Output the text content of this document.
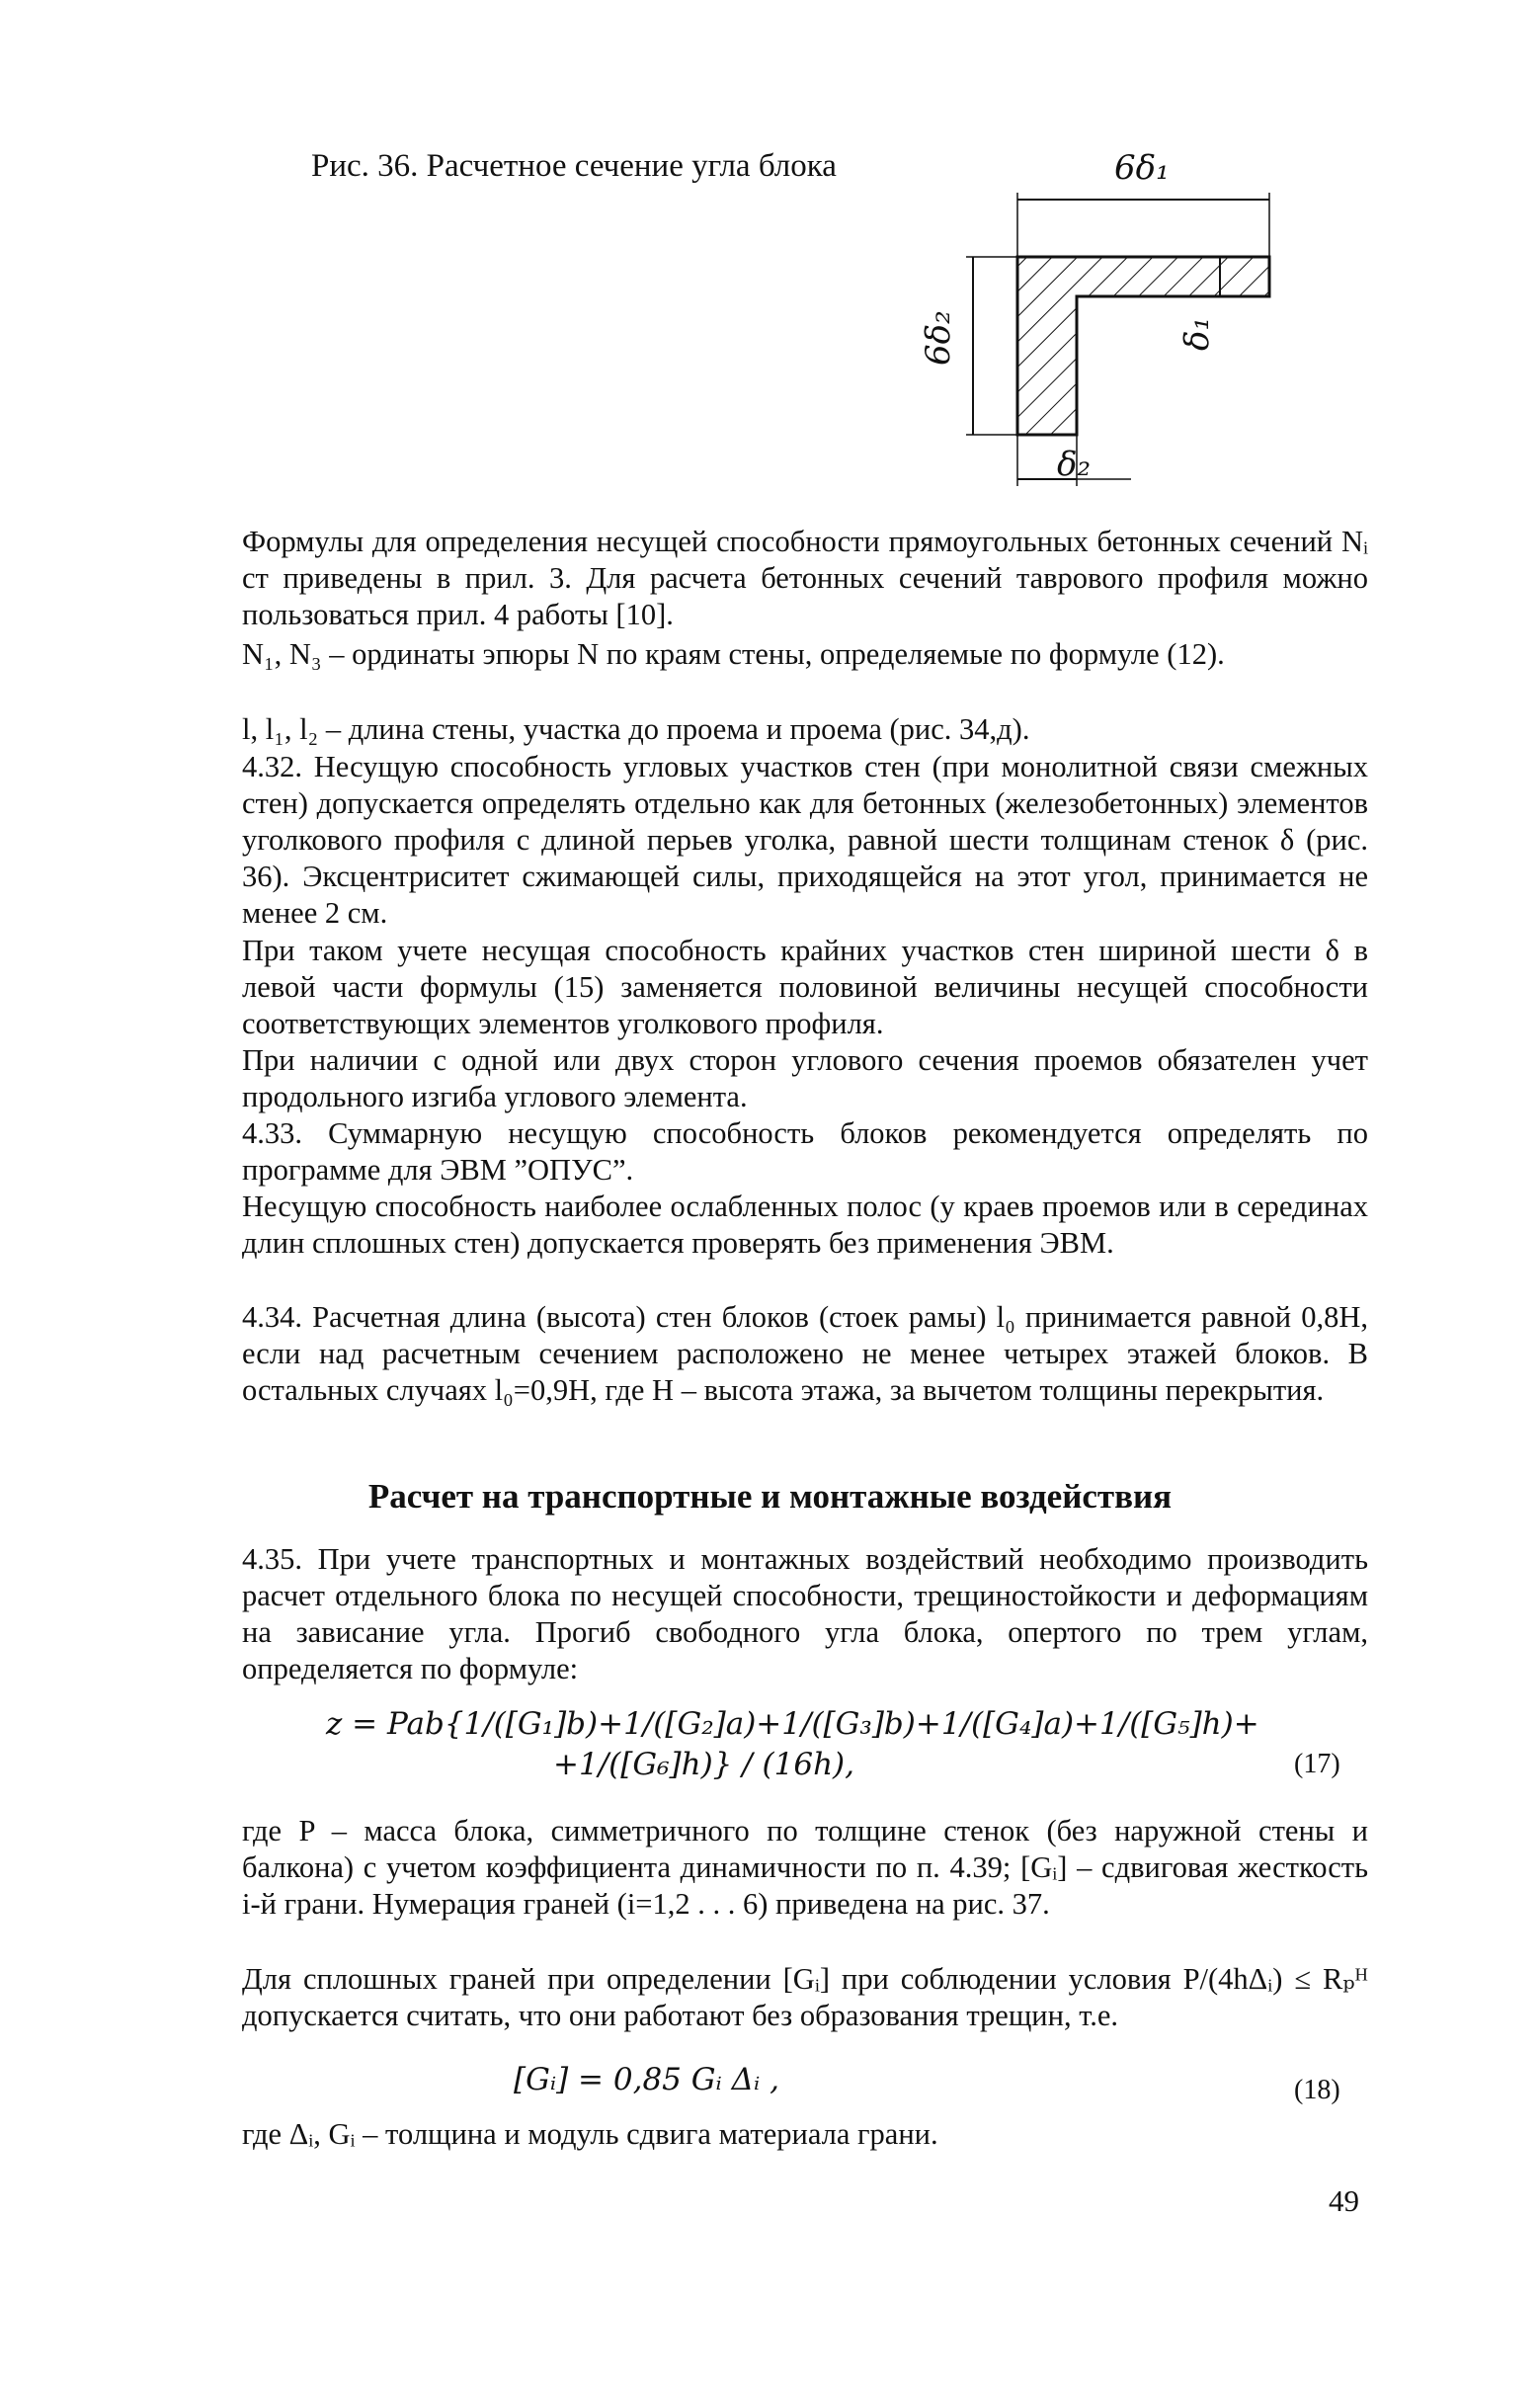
Рис. 36. Расчетное сечение угла блока	6δ₁
6δ₂	δ₁
δ₂
Формулы для определения несущей способности прямоугольных бетонных сечений Nᵢ ст приведены в прил. 3. Для расчета бетонных сечений таврового профиля можно пользоваться прил. 4 работы [10].
N₁, N₃ – ординаты эпюры N по краям стены, определяемые по формуле (12).
l, l₁, l₂ – длина стены, участка до проема и проема (рис. 34,д).
4.32. Несущую способность угловых участков стен (при монолитной связи смежных стен) допускается определять отдельно как для бетонных (железобетонных) элементов уголкового профиля с длиной перьев уголка, равной шести толщинам стенок δ (рис. 36). Эксцентриситет сжимающей силы, приходящейся на этот угол, принимается не менее 2 см.
При таком учете несущая способность крайних участков стен шириной шести δ в левой части формулы (15) заменяется половиной величины несущей способности соответствующих элементов уголкового профиля.
При наличии с одной или двух сторон углового сечения проемов обязателен учет продольного изгиба углового элемента.
4.33. Суммарную несущую способность блоков рекомендуется определять по программе для ЭВМ ”ОПУС”.
Несущую способность наиболее ослабленных полос (у краев проемов или в серединах длин сплошных стен) допускается проверять без применения ЭВМ.
4.34. Расчетная длина (высота) стен блоков (стоек рамы) l₀ принимается равной 0,8H, если над расчетным сечением расположено не менее четырех этажей блоков. В остальных случаях l₀=0,9H, где H – высота этажа, за вычетом толщины перекрытия.
Расчет на транспортные и монтажные воздействия
4.35. При учете транспортных и монтажных воздействий необходимо производить расчет отдельного блока по несущей способности, трещиностойкости и деформациям на зависание угла. Прогиб свободного угла блока, опертого по трем углам, определяется по формуле:
z = Pab{1/([G₁]b)+1/([G₂]a)+1/([G₃]b)+1/([G₄]a)+1/([G₅]h)+
+1/([G₆]h)} / (16h),	(17)
где P – масса блока, симметричного по толщине стенок (без наружной стены и балкона) с учетом коэффициента динамичности по п. 4.39; [Gᵢ] – сдвиговая жесткость i-й грани. Нумерация граней (i=1,2 . . . 6) приведена на рис. 37.
Для сплошных граней при определении [Gᵢ] при соблюдении условия P/(4hΔᵢ) ≤ Rₚᴴ допускается считать, что они работают без образования трещин, т.е.
[Gᵢ] = 0,85 Gᵢ Δᵢ ,	(18)
где Δᵢ, Gᵢ – толщина и модуль сдвига материала грани.
49
